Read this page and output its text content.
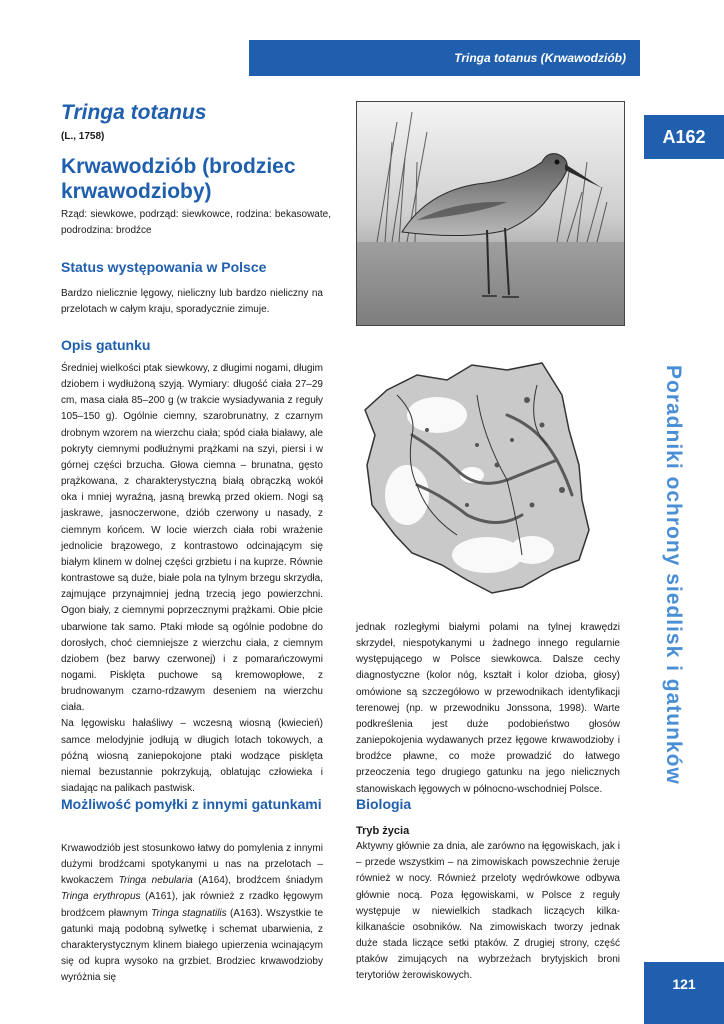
Tringa totanus (Krwawodziób)
A162
Poradniki ochrony siedlisk i gatunków
121
Tringa totanus
(L., 1758)
Krwawodziób (brodziec krwawodzioby)
Rząd: siewkowe, podrząd: siewkowce, rodzina: bekasowate, podrodzina: brodźce
Status występowania w Polsce
Bardzo nielicznie lęgowy, nieliczny lub bardzo nieliczny na przelotach w całym kraju, sporadycznie zimuje.
Opis gatunku

Średniej wielkości ptak siewkowy, z długimi nogami, długim dziobem i wydłużoną szyją. Wymiary: długość ciała 27–29 cm, masa ciała 85–200 g (w trakcie wysiadywania z reguły 105–150 g). Ogólnie ciemny, szarobrunatny, z czarnym drobnym wzorem na wierzchu ciała; spód ciała białawy, ale pokryty ciemnymi podłużnymi prążkami na szyi, piersi i w górnej części brzucha. Głowa ciemna – brunatna, gęsto prążkowana, z charakterystyczną białą obrączką wokół oka i mniej wyraźną, jasną brewką przed okiem. Nogi są jaskrawe, jasnoczerwone, dziób czerwony u nasady, z ciemnym końcem. W locie wierzch ciała robi wrażenie jednolicie brązowego, z kontrastowo odcinającym się białym klinem w dolnej części grzbietu i na kuprze. Równie kontrastowe są duże, białe pola na tylnym brzegu skrzydła, zajmujące przynajmniej jedną trzecią jego powierzchni. Ogon biały, z ciemnymi poprzecznymi prążkami. Obie płcie ubarwione tak samo. Ptaki młode są ogólnie podobne do dorosłych, choć ciemniejsze z wierzchu ciała, z ciemnym dziobem (bez barwy czerwonej) i z pomarańczowymi nogami. Pisklęta puchowe są kremowopłowe, z brudnowanym czarno-rdzawym deseniem na wierzchu ciała.

Na lęgowisku hałaśliwy – wczesną wiosną (kwiecień) samce melodyjnie jodłują w długich lotach tokowych, a późną wiosną zaniepokojone ptaki wodzące pisklęta niemal bezustannie pokrzykują, oblatując człowieka i siadając na palikach pastwisk.

Możliwość pomyłki z innymi gatunkami
Krwawodziób jest stosunkowo łatwy do pomylenia z innymi dużymi brodźcami spotykanymi u nas na przelotach – kwokaczem Tringa nebularia (A164), brodźcem śniadym Tringa erythropus (A161), jak również z rzadko łęgowym brodźcem pławnym Tringa stagnatilis (A163). Wszystkie te gatunki mają podobną sylwetkę i schemat ubarwienia, z charakterystycznym klinem białego upierzenia wcinającym się od kupra wysoko na grzbiet. Brodziec krwawodzioby wyróżnia się
jednak rozległymi białymi polami na tylnej krawędzi skrzydeł, niespotykanymi u żadnego innego regularnie występującego w Polsce siewkowca. Dalsze cechy diagnostyczne (kolor nóg, kształt i kolor dzioba, głosy) omówione są szczegółowo w przewodnikach identyfikacji terenowej (np. w przewodniku Jonssona, 1998). Warte podkreślenia jest duże podobieństwo głosów zaniepokojenia wydawanych przez łęgowe krwawodzioby i brodźce pławne, co może prowadzić do łatwego przeoczenia tego drugiego gatunku na jego nielicznych stanowiskach łęgowych w północno-wschodniej Polsce.
Biologia

Tryb życia

Aktywny głównie za dnia, ale zarówno na łęgowiskach, jak i – przede wszystkim – na zimowiskach powszechnie żeruje również w nocy. Również przeloty wędrówkowe odbywa głównie nocą. Poza łęgowiskami, w Polsce z reguły występuje w niewielkich stadkach liczących kilka-kilkanaście osobników. Na zimowiskach tworzy jednak duże stada liczące setki ptaków. Z drugiej strony, część ptaków zimujących na wybrzeżach brytyjskich broni terytoriów żerowiskowych.
